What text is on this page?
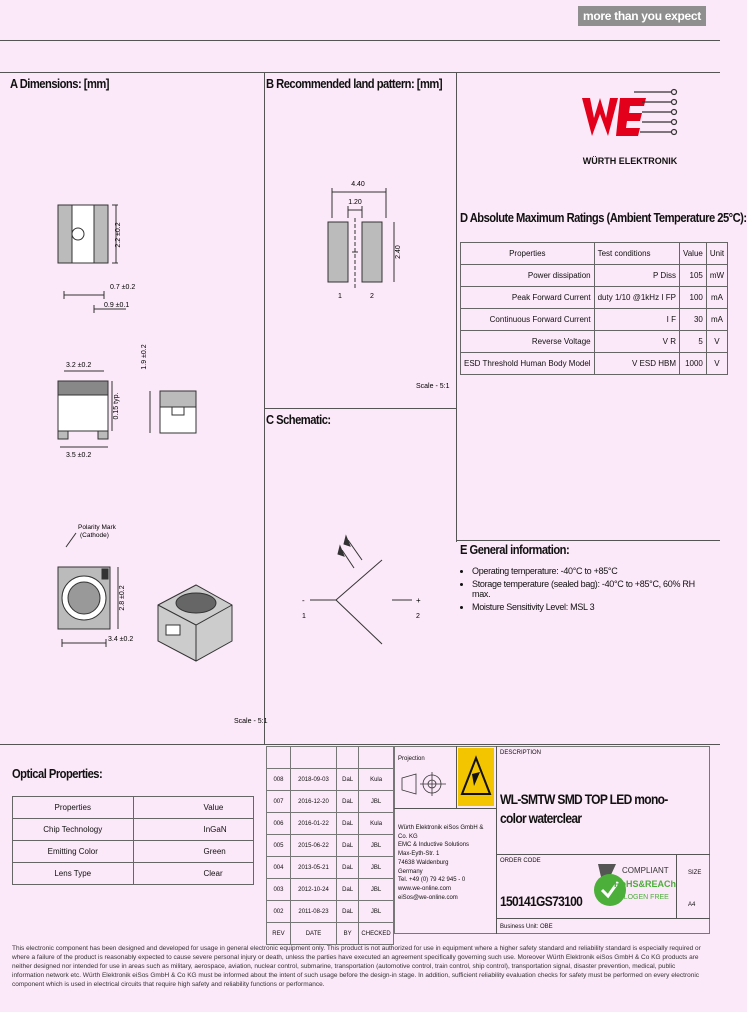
more than you expect
A Dimensions: [mm]	B Recommended land pattern: [mm]
C Schematic:
D Absolute Maximum Ratings (Ambient Temperature 25°C):
E General information:
Optical Properties:
WÜRTH ELEKTRONIK
2.2 ±0.2
0.7 ±0.2
0.9 ±0.1
3.2 ±0.2
0.15 typ.
3.5 ±0.2
1.9 ±0.2
Polarity Mark
(Cathode)
2.8 ±0.2
3.4 ±0.2
Scale - 5:1
4.40
1.20
2.40
1	2
Scale - 5:1
-
1
+
2
Properties	Test conditions	Value	Unit
Power dissipation	P Diss	105	mW
Peak Forward Current	duty 1/10 @1kHz I FP	100	mA
Continuous Forward Current	I F	30	mA
Reverse Voltage	V R	5	V
ESD Threshold Human Body Model	V ESD HBM	1000	V
• Operating temperature: -40°C to +85°C
• Storage temperature (sealed bag): -40°C to +85°C, 60% RH max.
• Moisture Sensitivity Level: MSL 3
Properties	Value
Chip Technology	InGaN
Emitting Color	Green
Lens Type	Clear

008	2018-09-03	DaL	Kula
007	2016-12-20	DaL	JBL
006	2016-01-22	DaL	Kula
005	2015-06-22	DaL	JBL
004	2013-05-21	DaL	JBL
003	2012-10-24	DaL	JBL
002	2011-08-23	DaL	JBL
REV	DATE	BY	CHECKED
Projection
Würth Elektronik eiSos GmbH & Co. KG
EMC & Inductive Solutions
Max-Eyth-Str. 1
74638 Waldenburg
Germany
Tel. +49 (0) 79 42 945 - 0
www.we-online.com
eiSos@we-online.com
DESCRIPTION
WL-SMTW SMD TOP LED mono-color waterclear
ORDER CODE
150141GS73100
COMPLIANT
RoHS&REACh
HALOGEN FREE
SIZE
A4
Business Unit: OBE
This electronic component has been designed and developed for usage in general electronic equipment only. This product is not authorized for use in equipment where a higher safety standard and reliability standard is especially required or where a failure of the product is reasonably expected to cause severe personal injury or death, unless the parties have executed an agreement specifically governing such use. Moreover Würth Elektronik eiSos GmbH & Co KG products are neither designed nor intended for use in areas such as military, aerospace, aviation, nuclear control, submarine, transportation (automotive control, train control, ship control), transportation signal, disaster prevention, medical, public information network etc. Würth Elektronik eiSos GmbH & Co KG must be informed about the intent of such usage before the design-in stage. In addition, sufficient reliability evaluation checks for safety must be performed on every electronic component which is used in electrical circuits that require high safety and reliability functions or performance.
